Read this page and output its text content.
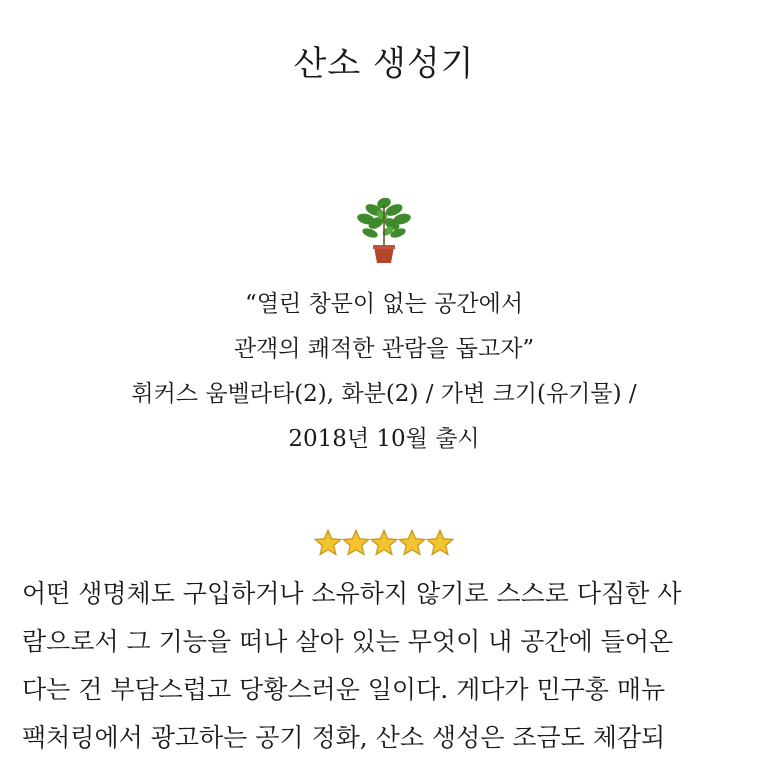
산소 생성기
“열린 창문이 없는 공간에서
관객의 쾌적한 관람을 돕고자”
휘커스 움벨라타(2), 화분(2) / 가변 크기(유기물) /
2018년 10월 출시
어떤 생명체도 구입하거나 소유하지 않기로 스스로 다짐한 사
람으로서 그 기능을 떠나 살아 있는 무엇이 내 공간에 들어온
다는 건 부담스럽고 당황스러운 일이다. 게다가 민구홍 매뉴
팩처링에서 광고하는 공기 정화, 산소 생성은 조금도 체감되
